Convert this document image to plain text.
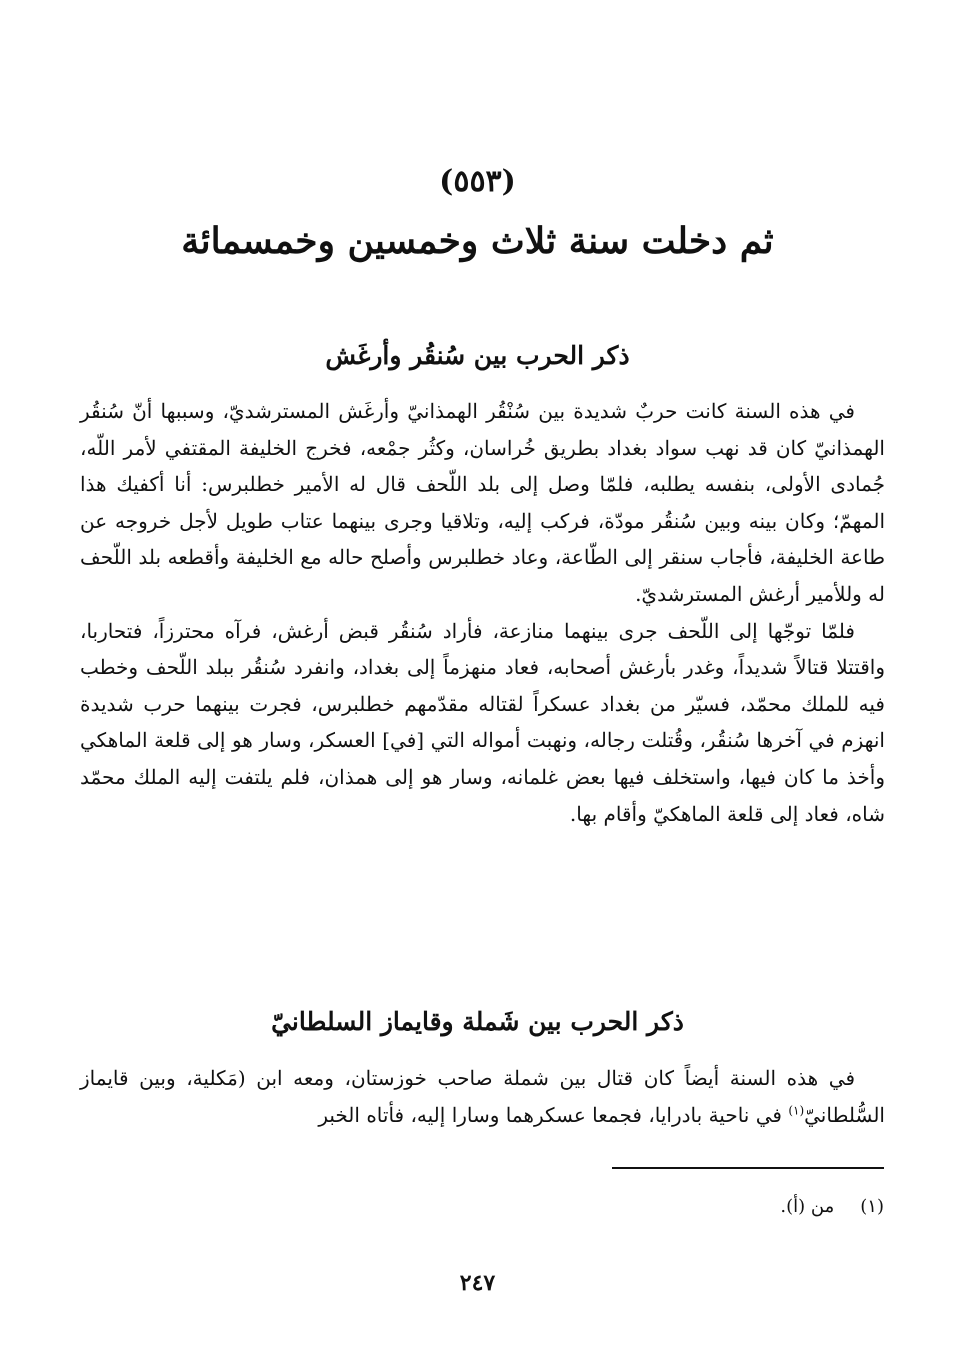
(٥٥٣)
ثم دخلت سنة ثلاث وخمسين وخمسمائة
ذكر الحرب بين سُنقُر وأرغَش

في هذه السنة كانت حربٌ شديدة بين سُنْقُر الهمذانيّ وأرغَش المسترشديّ، وسببها أنّ سُنقُر الهمذانيّ كان قد نهب سواد بغداد بطريق خُراسان، وكثُر جمْعه، فخرج الخليفة المقتفي لأمر اللّه، جُمادى الأولى، بنفسه يطلبه، فلمّا وصل إلى بلد اللّحف قال له الأمير خطلبرس: أنا أكفيك هذا المهمّ؛ وكان بينه وبين سُنقُر مودّة، فركب إليه، وتلاقيا وجرى بينهما عتاب طويل لأجل خروجه عن طاعة الخليفة، فأجاب سنقر إلى الطّاعة، وعاد خطلبرس وأصلح حاله مع الخليفة وأقطعه بلد اللّحف له وللأمير أرغش المسترشديّ.

فلمّا توجّها إلى اللّحف جرى بينهما منازعة، فأراد سُنقُر قبض أرغش، فرآه محترزاً، فتحاربا، واقتتلا قتالاً شديداً، وغدر بأرغش أصحابه، فعاد منهزماً إلى بغداد، وانفرد سُنقُر ببلد اللّحف وخطب فيه للملك محمّد، فسيّر من بغداد عسكراً لقتاله مقدّمهم خطلبرس، فجرت بينهما حرب شديدة انهزم في آخرها سُنقُر، وقُتلت رجاله، ونهبت أمواله التي [في] العسكر، وسار هو إلى قلعة الماهكي وأخذ ما كان فيها، واستخلف فيها بعض غلمانه، وسار هو إلى همذان، فلم يلتفت إليه الملك محمّد شاه، فعاد إلى قلعة الماهكيّ وأقام بها.

ذكر الحرب بين شَملة وقايماز السلطانيّ

في هذه السنة أيضاً كان قتال بين شملة صاحب خوزستان، ومعه ابن (مَكلية، وبين قايماز السُّلطانيّ$^{(١)}$ في ناحية بادرايا، فجمعا عسكرهما وسارا إليه، فأتاه الخبر

(١)من (أ).
٢٤٧
